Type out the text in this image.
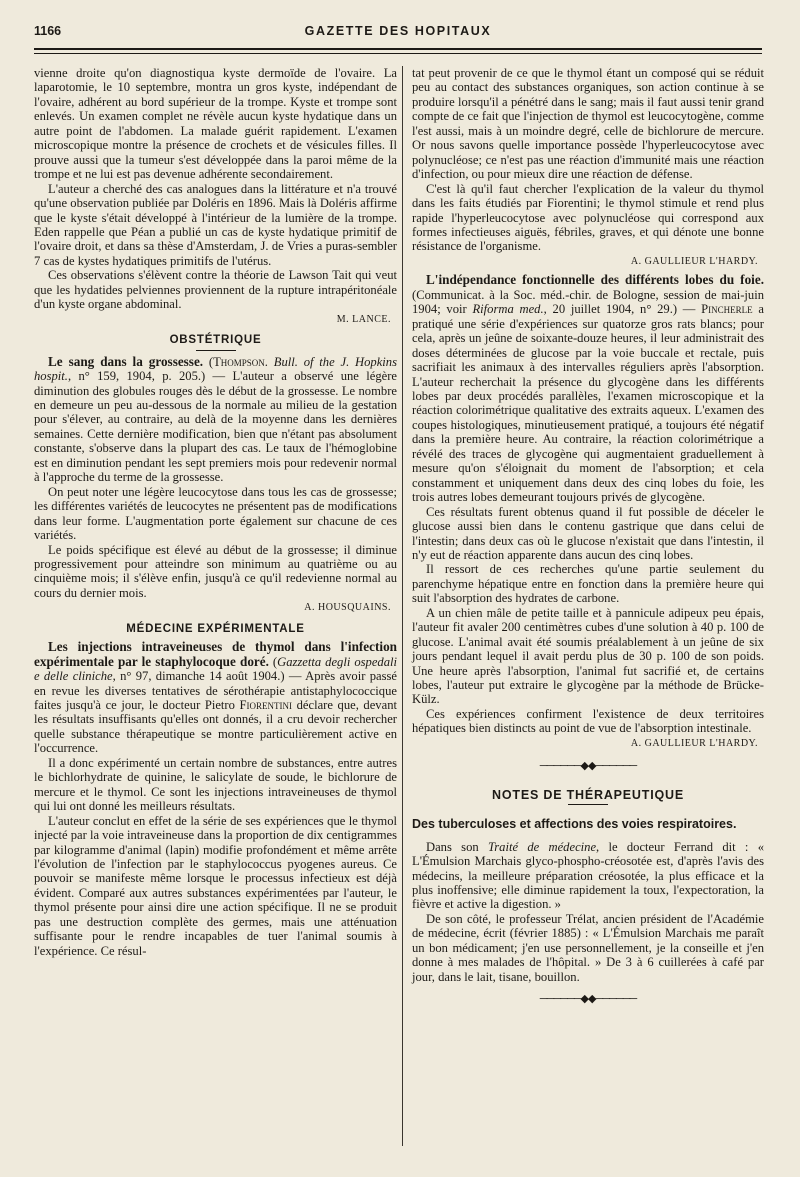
1166	GAZETTE DES HOPITAUX

vienne droite qu'on diagnostiqua kyste dermoïde de l'ovaire. La laparotomie, le 10 septembre, montra un gros kyste, indépendant de l'ovaire, adhérent au bord supérieur de la trompe. Kyste et trompe sont enlevés. Un examen complet ne révèle aucun kyste hydatique dans un autre point de l'abdomen. La malade guérit rapidement. L'examen microscopique montre la présence de crochets et de vésicules filles. Il prouve aussi que la tumeur s'est développée dans la paroi même de la trompe et ne lui est pas devenue adhérente secondairement.

L'auteur a cherché des cas analogues dans la littérature et n'a trouvé qu'une observation publiée par Doléris en 1896. Mais là Doléris affirme que le kyste s'était développé à l'intérieur de la lumière de la trompe. Eden rappelle que Péan a publié un cas de kyste hydatique primitif de l'ovaire droit, et dans sa thèse d'Amsterdam, J. de Vries a puras-sembler 7 cas de kystes hydatiques primitifs de l'utérus.

Ces observations s'élèvent contre la théorie de Lawson Tait qui veut que les hydatides pelviennes proviennent de la rupture intrapéritonéale d'un kyste organe abdominal.

M. LANCE.
OBSTÉTRIQUE

Le sang dans la grossesse. (Thompson. Bull. of the J. Hopkins hospit., n° 159, 1904, p. 205.) — L'auteur a observé une légère diminution des globules rouges dès le début de la grossesse. Le nombre en demeure un peu au-dessous de la normale au milieu de la gestation pour s'élever, au contraire, au delà de la moyenne dans les dernières semaines. Cette dernière modification, bien que n'étant pas absolument constante, s'observe dans la plupart des cas. Le taux de l'hémoglobine est en diminution pendant les sept premiers mois pour redevenir normal à l'approche du terme de la grossesse.

On peut noter une légère leucocytose dans tous les cas de grossesse; les différentes variétés de leucocytes ne présentent pas de modifications dans leur forme. L'augmentation porte également sur chacune de ces variétés.

Le poids spécifique est élevé au début de la grossesse; il diminue progressivement pour atteindre son minimum au quatrième ou au cinquième mois; il s'élève enfin, jusqu'à ce qu'il redevienne normal au cours du dernier mois.

A. HOUSQUAINS.
MÉDECINE EXPÉRIMENTALE

Les injections intraveineuses de thymol dans l'infection expérimentale par le staphylocoque doré. (Gazzetta degli ospedali e delle cliniche, n° 97, dimanche 14 août 1904.) — Après avoir passé en revue les diverses tentatives de sérothérapie antistaphylococcique faites jusqu'à ce jour, le docteur Pietro Fiorentini déclare que, devant les résultats insuffisants qu'elles ont donnés, il a cru devoir rechercher quelle substance thérapeutique se montre particulièrement active en l'occurrence.

Il a donc expérimenté un certain nombre de substances, entre autres le bichlorhydrate de quinine, le salicylate de soude, le bichlorure de mercure et le thymol. Ce sont les injections intraveineuses de thymol qui lui ont donné les meilleurs résultats.

L'auteur conclut en effet de la série de ses expériences que le thymol injecté par la voie intraveineuse dans la proportion de dix centigrammes par kilogramme d'animal (lapin) modifie profondément et même arrête l'évolution de l'infection par le staphylococcus pyogenes aureus. Ce pouvoir se manifeste même lorsque le processus infectieux est déjà évident. Comparé aux autres substances expérimentées par l'auteur, le thymol présente pour ainsi dire une action spécifique. Il ne se produit pas une destruction complète des germes, mais une atténuation suffisante pour le rendre incapables de tuer l'animal soumis à l'expérience. Ce résul-

tat peut provenir de ce que le thymol étant un composé qui se réduit peu au contact des substances organiques, son action continue à se produire lorsqu'il a pénétré dans le sang; mais il faut aussi tenir grand compte de ce fait que l'injection de thymol est leucocytogène, comme l'est aussi, mais à un moindre degré, celle de bichlorure de mercure. Or nous savons quelle importance possède l'hyperleucocytose avec polynucléose; ce n'est pas une réaction d'immunité mais une réaction d'infection, ou pour mieux dire une réaction de défense.

C'est là qu'il faut chercher l'explication de la valeur du thymol dans les faits étudiés par Fiorentini; le thymol stimule et rend plus rapide l'hyperleucocytose avec polynucléose qui correspond aux formes infectieuses aiguës, fébriles, graves, et qui dénote une bonne résistance de l'organisme.

A. GAULLIEUR L'HARDY.

L'indépendance fonctionnelle des différents lobes du foie. (Communicat. à la Soc. méd.-chir. de Bologne, session de mai-juin 1904; voir Riforma med., 20 juillet 1904, n° 29.) — Pincherle a pratiqué une série d'expériences sur quatorze gros rats blancs; pour cela, après un jeûne de soixante-douze heures, il leur administrait des doses déterminées de glucose par la voie buccale et rectale, puis sacrifiait les animaux à des intervalles réguliers après l'absorption. L'auteur recherchait la présence du glycogène dans les différents lobes par deux procédés parallèles, l'examen microscopique et la réaction colorimétrique qualitative des extraits aqueux. L'examen des coupes histologiques, minutieusement pratiqué, a toujours été négatif dans la première heure. Au contraire, la réaction colorimétrique a révélé des traces de glycogène qui augmentaient graduellement à mesure qu'on s'éloignait du moment de l'absorption; et cela constamment et uniquement dans deux des cinq lobes du foie, les trois autres lobes demeurant toujours privés de glycogène.

Ces résultats furent obtenus quand il fut possible de déceler le glucose aussi bien dans le contenu gastrique que dans celui de l'intestin; dans deux cas où le glucose n'existait que dans l'intestin, il n'y eut de réaction apparente dans aucun des cinq lobes.

Il ressort de ces recherches qu'une partie seulement du parenchyme hépatique entre en fonction dans la première heure qui suit l'absorption des hydrates de carbone.

A un chien mâle de petite taille et à pannicule adipeux peu épais, l'auteur fit avaler 200 centimètres cubes d'une solution à 40 p. 100 de glucose. L'animal avait été soumis préalablement à un jeûne de six jours pendant lequel il avait perdu plus de 30 p. 100 de son poids. Une heure après l'absorption, l'animal fut sacrifié et, de certains lobes, l'auteur put extraire le glycogène par la méthode de Brücke-Külz.

Ces expériences confirment l'existence de deux territoires hépatiques bien distincts au point de vue de l'absorption intestinale.

A. GAULLIEUR L'HARDY.
──────◆◆──────
NOTES DE THÉRAPEUTIQUE

Des tuberculoses et affections des voies respiratoires.

Dans son Traité de médecine, le docteur Ferrand dit : « L'Émulsion Marchais glyco-phospho-créosotée est, d'après l'avis des médecins, la meilleure préparation créosotée, la plus efficace et la plus inoffensive; elle diminue rapidement la toux, l'expectoration, la fièvre et active la digestion. »

De son côté, le professeur Trélat, ancien président de l'Académie de médecine, écrit (février 1885) : « L'Émulsion Marchais me paraît un bon médicament; j'en use personnellement, je la conseille et j'en donne à mes malades de l'hôpital. » De 3 à 6 cuillerées à café par jour, dans le lait, tisane, bouillon.

──────◆◆──────
